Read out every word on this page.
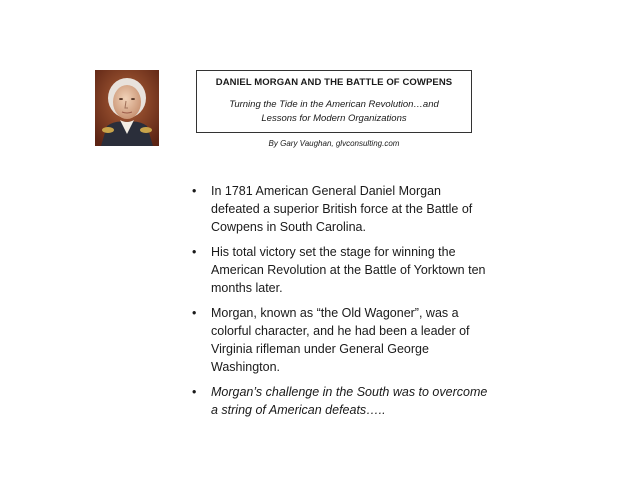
DANIEL MORGAN AND THE BATTLE OF COWPENS
Turning the Tide in the American Revolution…and
Lessons for Modern Organizations
By Gary Vaughan, glvconsulting.com
• In 1781 American General Daniel Morgan defeated a superior British force at the Battle of Cowpens in South Carolina.
• His total victory set the stage for winning the American Revolution at the Battle of Yorktown ten months later.
• Morgan, known as “the Old Wagoner”, was a colorful character, and he had been a leader of Virginia rifleman under General George Washington.
• Morgan’s challenge in the South was to overcome a string of American defeats…..
